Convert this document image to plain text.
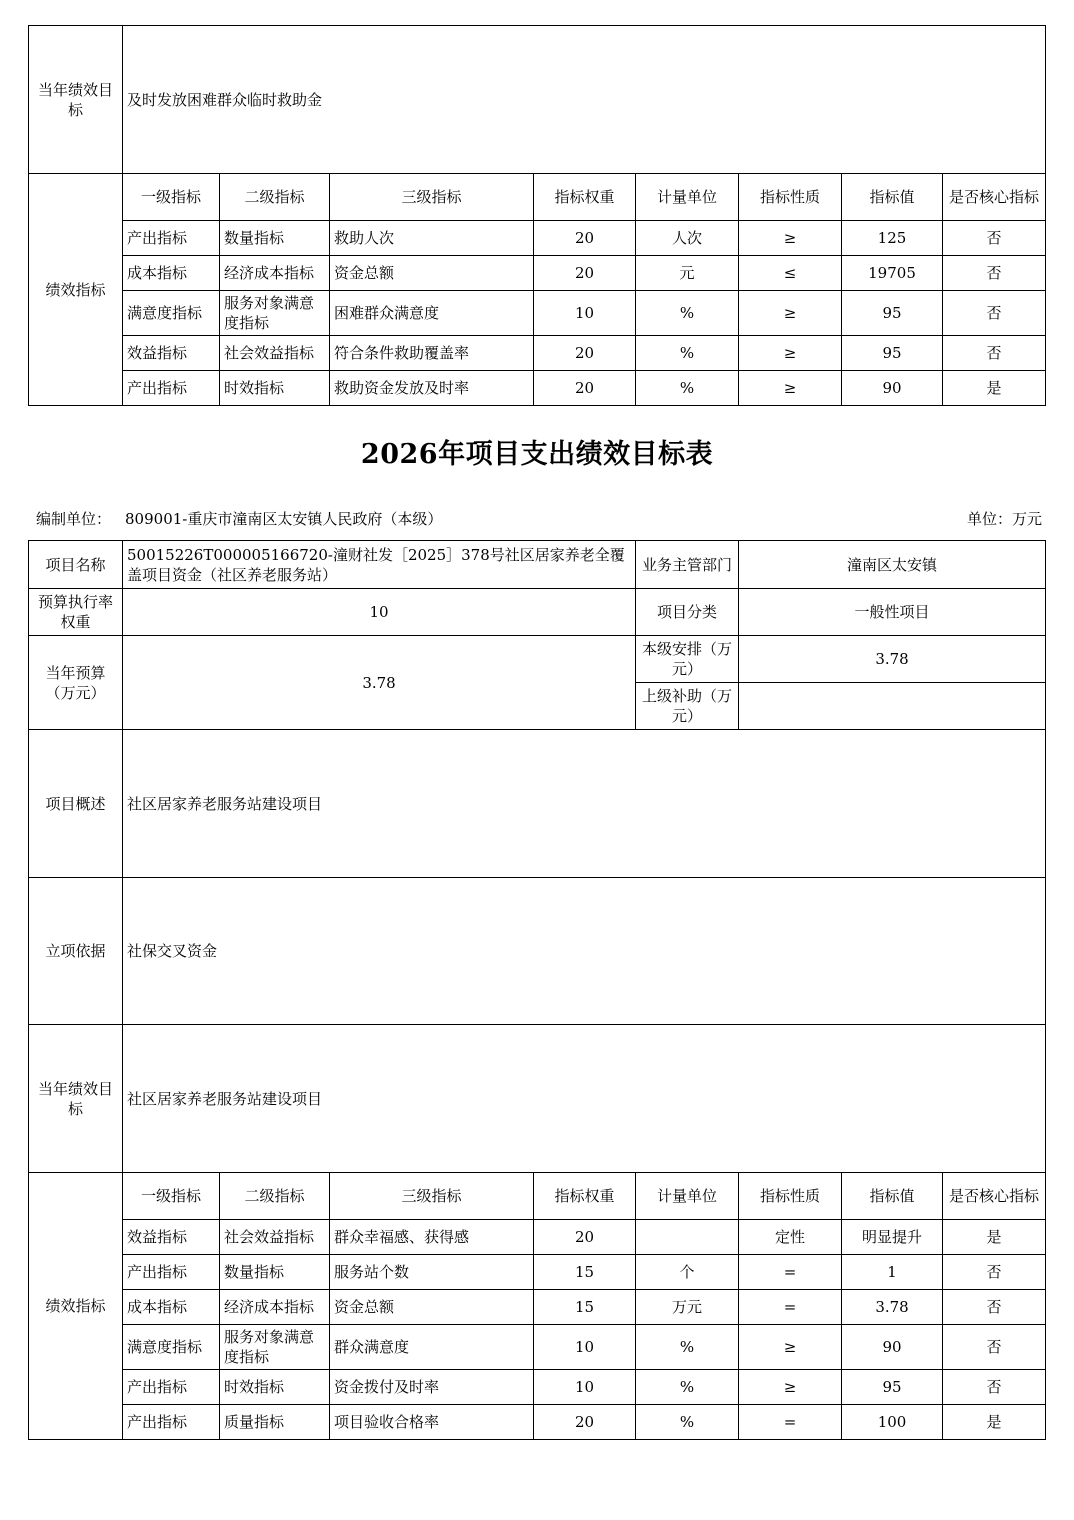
当年绩效目标	及时发放困难群众临时救助金							
绩效指标	一级指标	二级指标	三级指标	指标权重	计量单位	指标性质	指标值	是否核心指标
	产出指标	数量指标	救助人次	20	人次	≥	125	否
	成本指标	经济成本指标	资金总额	20	元	≤	19705	否
	满意度指标	服务对象满意度指标	困难群众满意度	10	%	≥	95	否
	效益指标	社会效益指标	符合条件救助覆盖率	20	%	≥	95	否
	产出指标	时效指标	救助资金发放及时率	20	%	≥	90	是
2026年项目支出绩效目标表
编制单位： 809001-重庆市潼南区太安镇人民政府（本级）	单位：万元
项目名称	50015226T000005166720-潼财社发［2025］378号社区居家养老全覆盖项目资金（社区养老服务站）				业务主管部门	潼南区太安镇		
预算执行率权重	10				项目分类	一般性项目		
当年预算（万元）	3.78				本级安排（万元）	3.78		
					上级补助（万元）			
项目概述	社区居家养老服务站建设项目							
立项依据	社保交叉资金							
当年绩效目标	社区居家养老服务站建设项目							
绩效指标	一级指标	二级指标	三级指标	指标权重	计量单位	指标性质	指标值	是否核心指标
	效益指标	社会效益指标	群众幸福感、获得感	20		定性	明显提升	是
	产出指标	数量指标	服务站个数	15	个	=	1	否
	成本指标	经济成本指标	资金总额	15	万元	=	3.78	否
	满意度指标	服务对象满意度指标	群众满意度	10	%	≥	90	否
	产出指标	时效指标	资金拨付及时率	10	%	≥	95	否
	产出指标	质量指标	项目验收合格率	20	%	=	100	是
